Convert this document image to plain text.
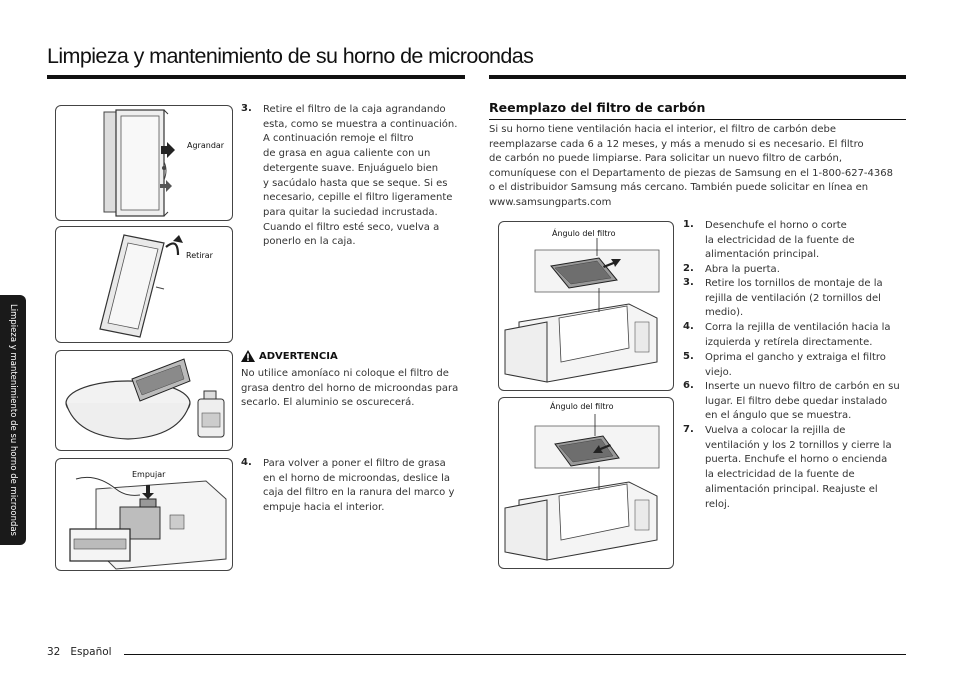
Limpieza y mantenimiento de su horno de microondas
Limpieza y mantenimiento de su horno de microondas
Agrandar
Retirar
Empujar
3. Retire el filtro de la caja agrandando
esta, como se muestra a continuación.
A continuación remoje el filtro
de grasa en agua caliente con un
detergente suave. Enjuáguelo bien
y sacúdalo hasta que se seque. Si es
necesario, cepille el filtro ligeramente
para quitar la suciedad incrustada.
Cuando el filtro esté seco, vuelva a
ponerlo en la caja.
ADVERTENCIA
No utilice amoníaco ni coloque el filtro de
grasa dentro del horno de microondas para
secarlo. El aluminio se oscurecerá.
4. Para volver a poner el filtro de grasa
en el horno de microondas, deslice la
caja del filtro en la ranura del marco y
empuje hacia el interior.
Reemplazo del filtro de carbón
Si su horno tiene ventilación hacia el interior, el filtro de carbón debe
reemplazarse cada 6 a 12 meses, y más a menudo si es necesario. El filtro
de carbón no puede limpiarse. Para solicitar un nuevo filtro de carbón,
comuníquese con el Departamento de piezas de Samsung en el 1-800-627-4368
o el distribuidor Samsung más cercano. También puede solicitar en línea en
www.samsungparts.com
Ángulo del filtro
Ángulo del filtro
1. Desenchufe el horno o corte
la electricidad de la fuente de
alimentación principal.
2. Abra la puerta.
3. Retire los tornillos de montaje de la
rejilla de ventilación (2 tornillos del
medio).
4. Corra la rejilla de ventilación hacia la
izquierda y retírela directamente.
5. Oprima el gancho y extraiga el filtro
viejo.
6. Inserte un nuevo filtro de carbón en su
lugar. El filtro debe quedar instalado
en el ángulo que se muestra.
7. Vuelva a colocar la rejilla de
ventilación y los 2 tornillos y cierre la
puerta. Enchufe el horno o encienda
la electricidad de la fuente de
alimentación principal. Reajuste el
reloj.
32 Español
